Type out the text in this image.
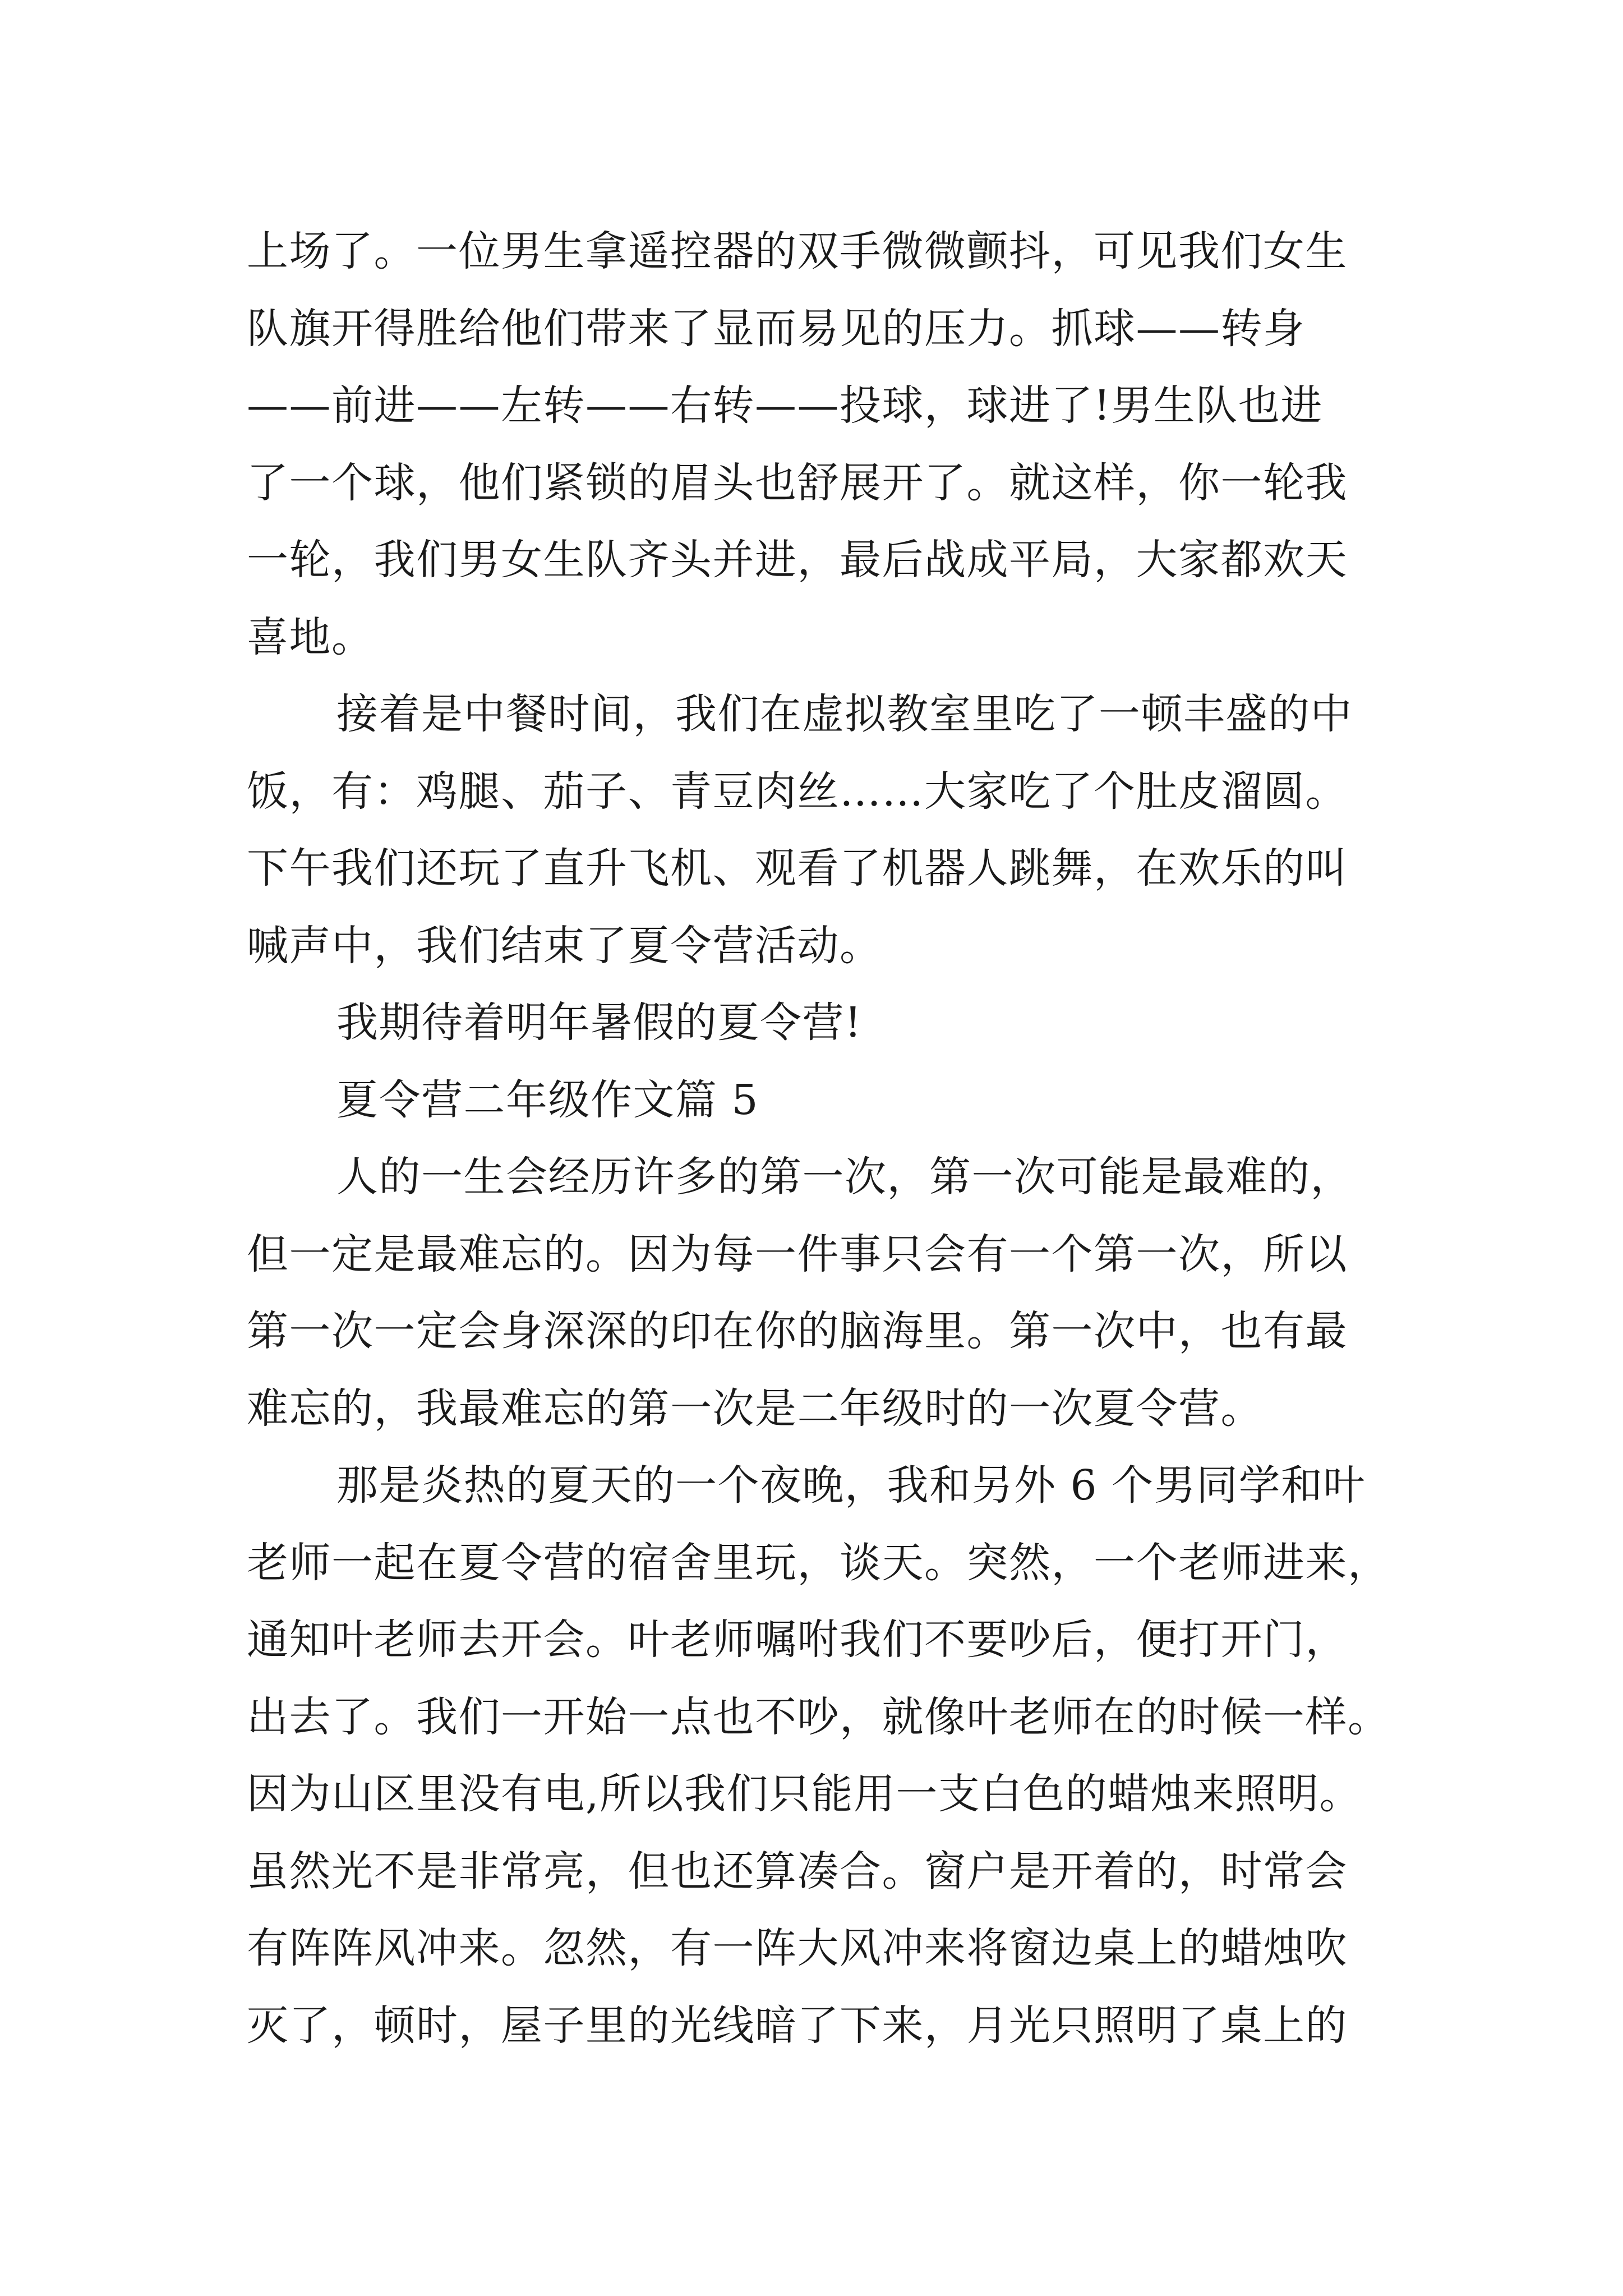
上场了。一位男生拿遥控器的双手微微颤抖，可见我们女生
队旗开得胜给他们带来了显而易见的压力。抓球——转身
——前进——左转——右转——投球，球进了!男生队也进
了一个球，他们紧锁的眉头也舒展开了。就这样，你一轮我
一轮，我们男女生队齐头并进，最后战成平局，大家都欢天
喜地。
接着是中餐时间，我们在虚拟教室里吃了一顿丰盛的中
饭，有：鸡腿、茄子、青豆肉丝……大家吃了个肚皮溜圆。
下午我们还玩了直升飞机、观看了机器人跳舞，在欢乐的叫
喊声中，我们结束了夏令营活动。
我期待着明年暑假的夏令营!
夏令营二年级作文篇 5
人的一生会经历许多的第一次，第一次可能是最难的，
但一定是最难忘的。因为每一件事只会有一个第一次，所以
第一次一定会身深深的印在你的脑海里。第一次中，也有最
难忘的，我最难忘的第一次是二年级时的一次夏令营。
那是炎热的夏天的一个夜晚，我和另外 6 个男同学和叶
老师一起在夏令营的宿舍里玩，谈天。突然，一个老师进来，
通知叶老师去开会。叶老师嘱咐我们不要吵后，便打开门，
出去了。我们一开始一点也不吵，就像叶老师在的时候一样。
因为山区里没有电,所以我们只能用一支白色的蜡烛来照明。
虽然光不是非常亮，但也还算凑合。窗户是开着的，时常会
有阵阵风冲来。忽然，有一阵大风冲来将窗边桌上的蜡烛吹
灭了，顿时，屋子里的光线暗了下来，月光只照明了桌上的
